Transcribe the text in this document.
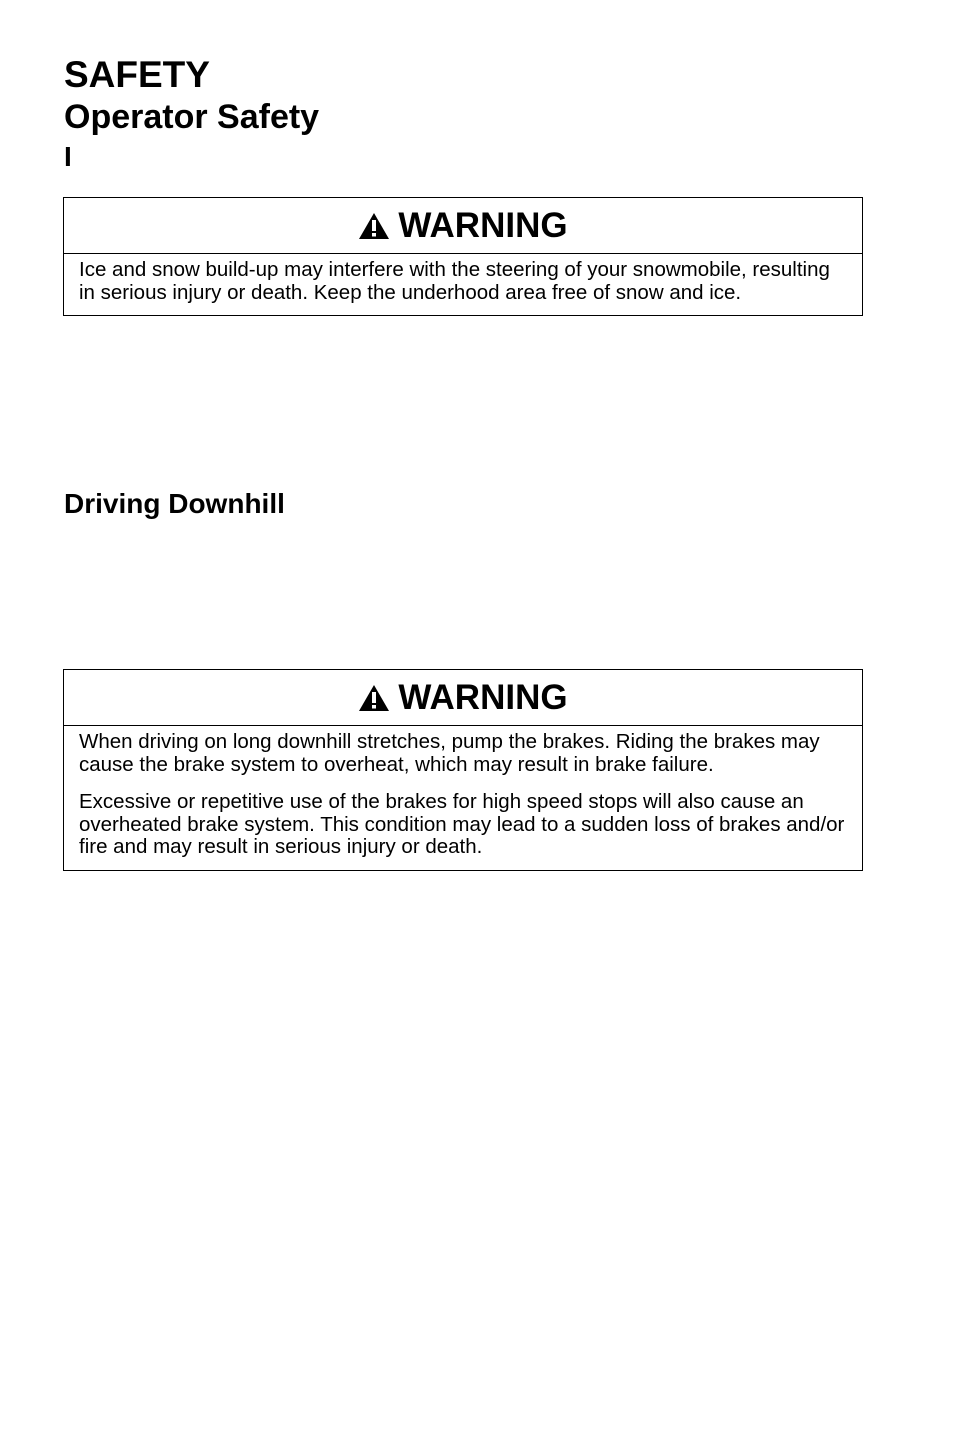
SAFETY
Operator Safety
I
WARNING

Ice and snow build-up may interfere with the steering of your snowmobile, resulting in serious injury or death. Keep the underhood area free of snow and ice.

Driving Downhill
WARNING

When driving on long downhill stretches, pump the brakes. Riding the brakes may cause the brake system to overheat, which may result in brake failure.

Excessive or repetitive use of the brakes for high speed stops will also cause an overheated brake system. This condition may lead to a sudden loss of brakes and/or fire and may result in serious injury or death.
